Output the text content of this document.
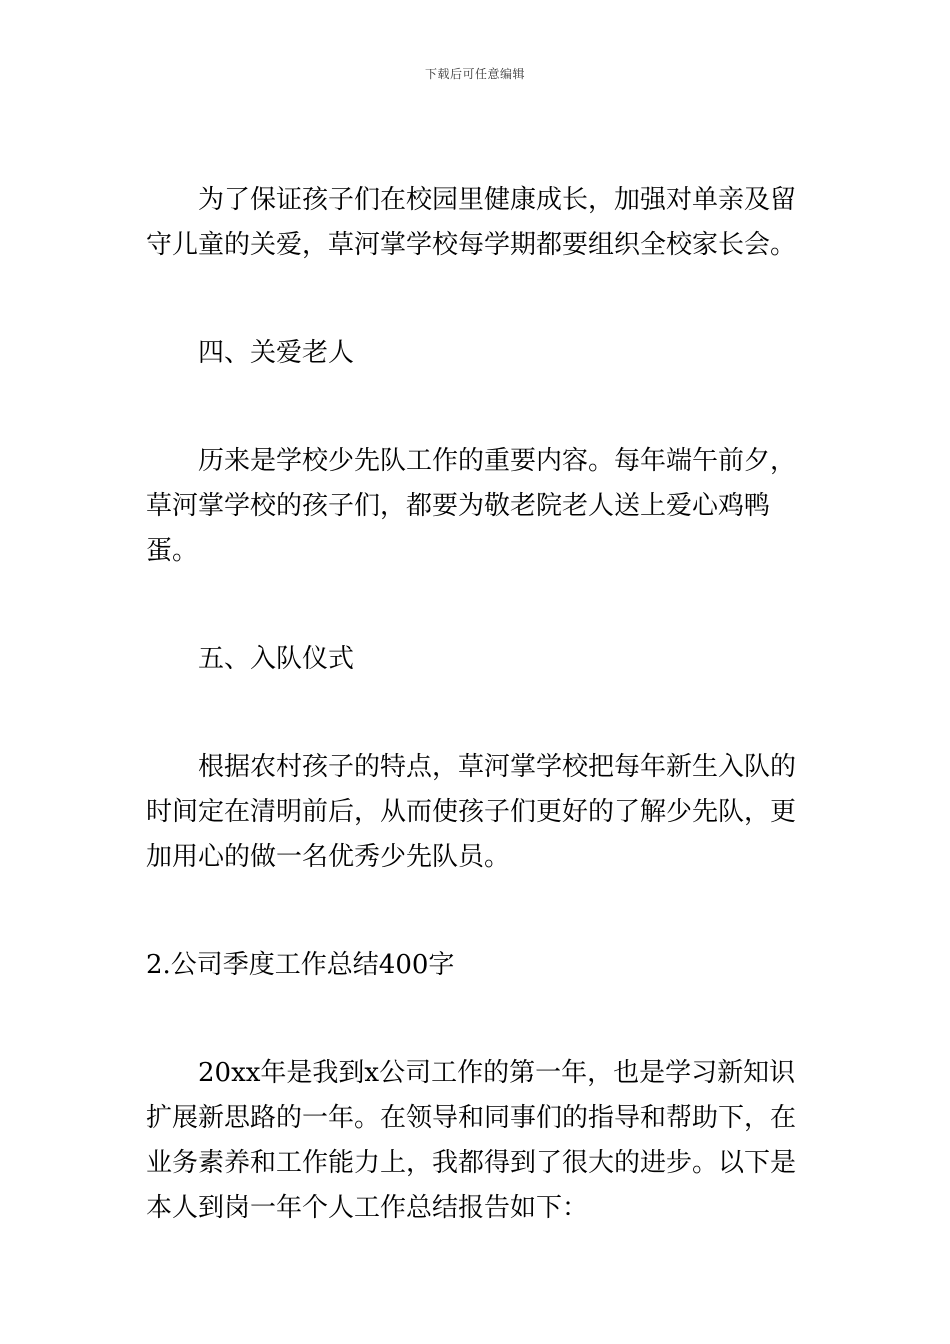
下载后可任意编辑

为了保证孩子们在校园里健康成长，加强对单亲及留守儿童的关爱，草河掌学校每学期都要组织全校家长会。

四、关爱老人

历来是学校少先队工作的重要内容。每年端午前夕，草河掌学校的孩子们，都要为敬老院老人送上爱心鸡鸭蛋。

五、入队仪式

根据农村孩子的特点，草河掌学校把每年新生入队的时间定在清明前后，从而使孩子们更好的了解少先队，更加用心的做一名优秀少先队员。

2.公司季度工作总结400字

20xx年是我到x公司工作的第一年，也是学习新知识扩展新思路的一年。在领导和同事们的指导和帮助下，在业务素养和工作能力上，我都得到了很大的进步。以下是本人到岗一年个人工作总结报告如下：
